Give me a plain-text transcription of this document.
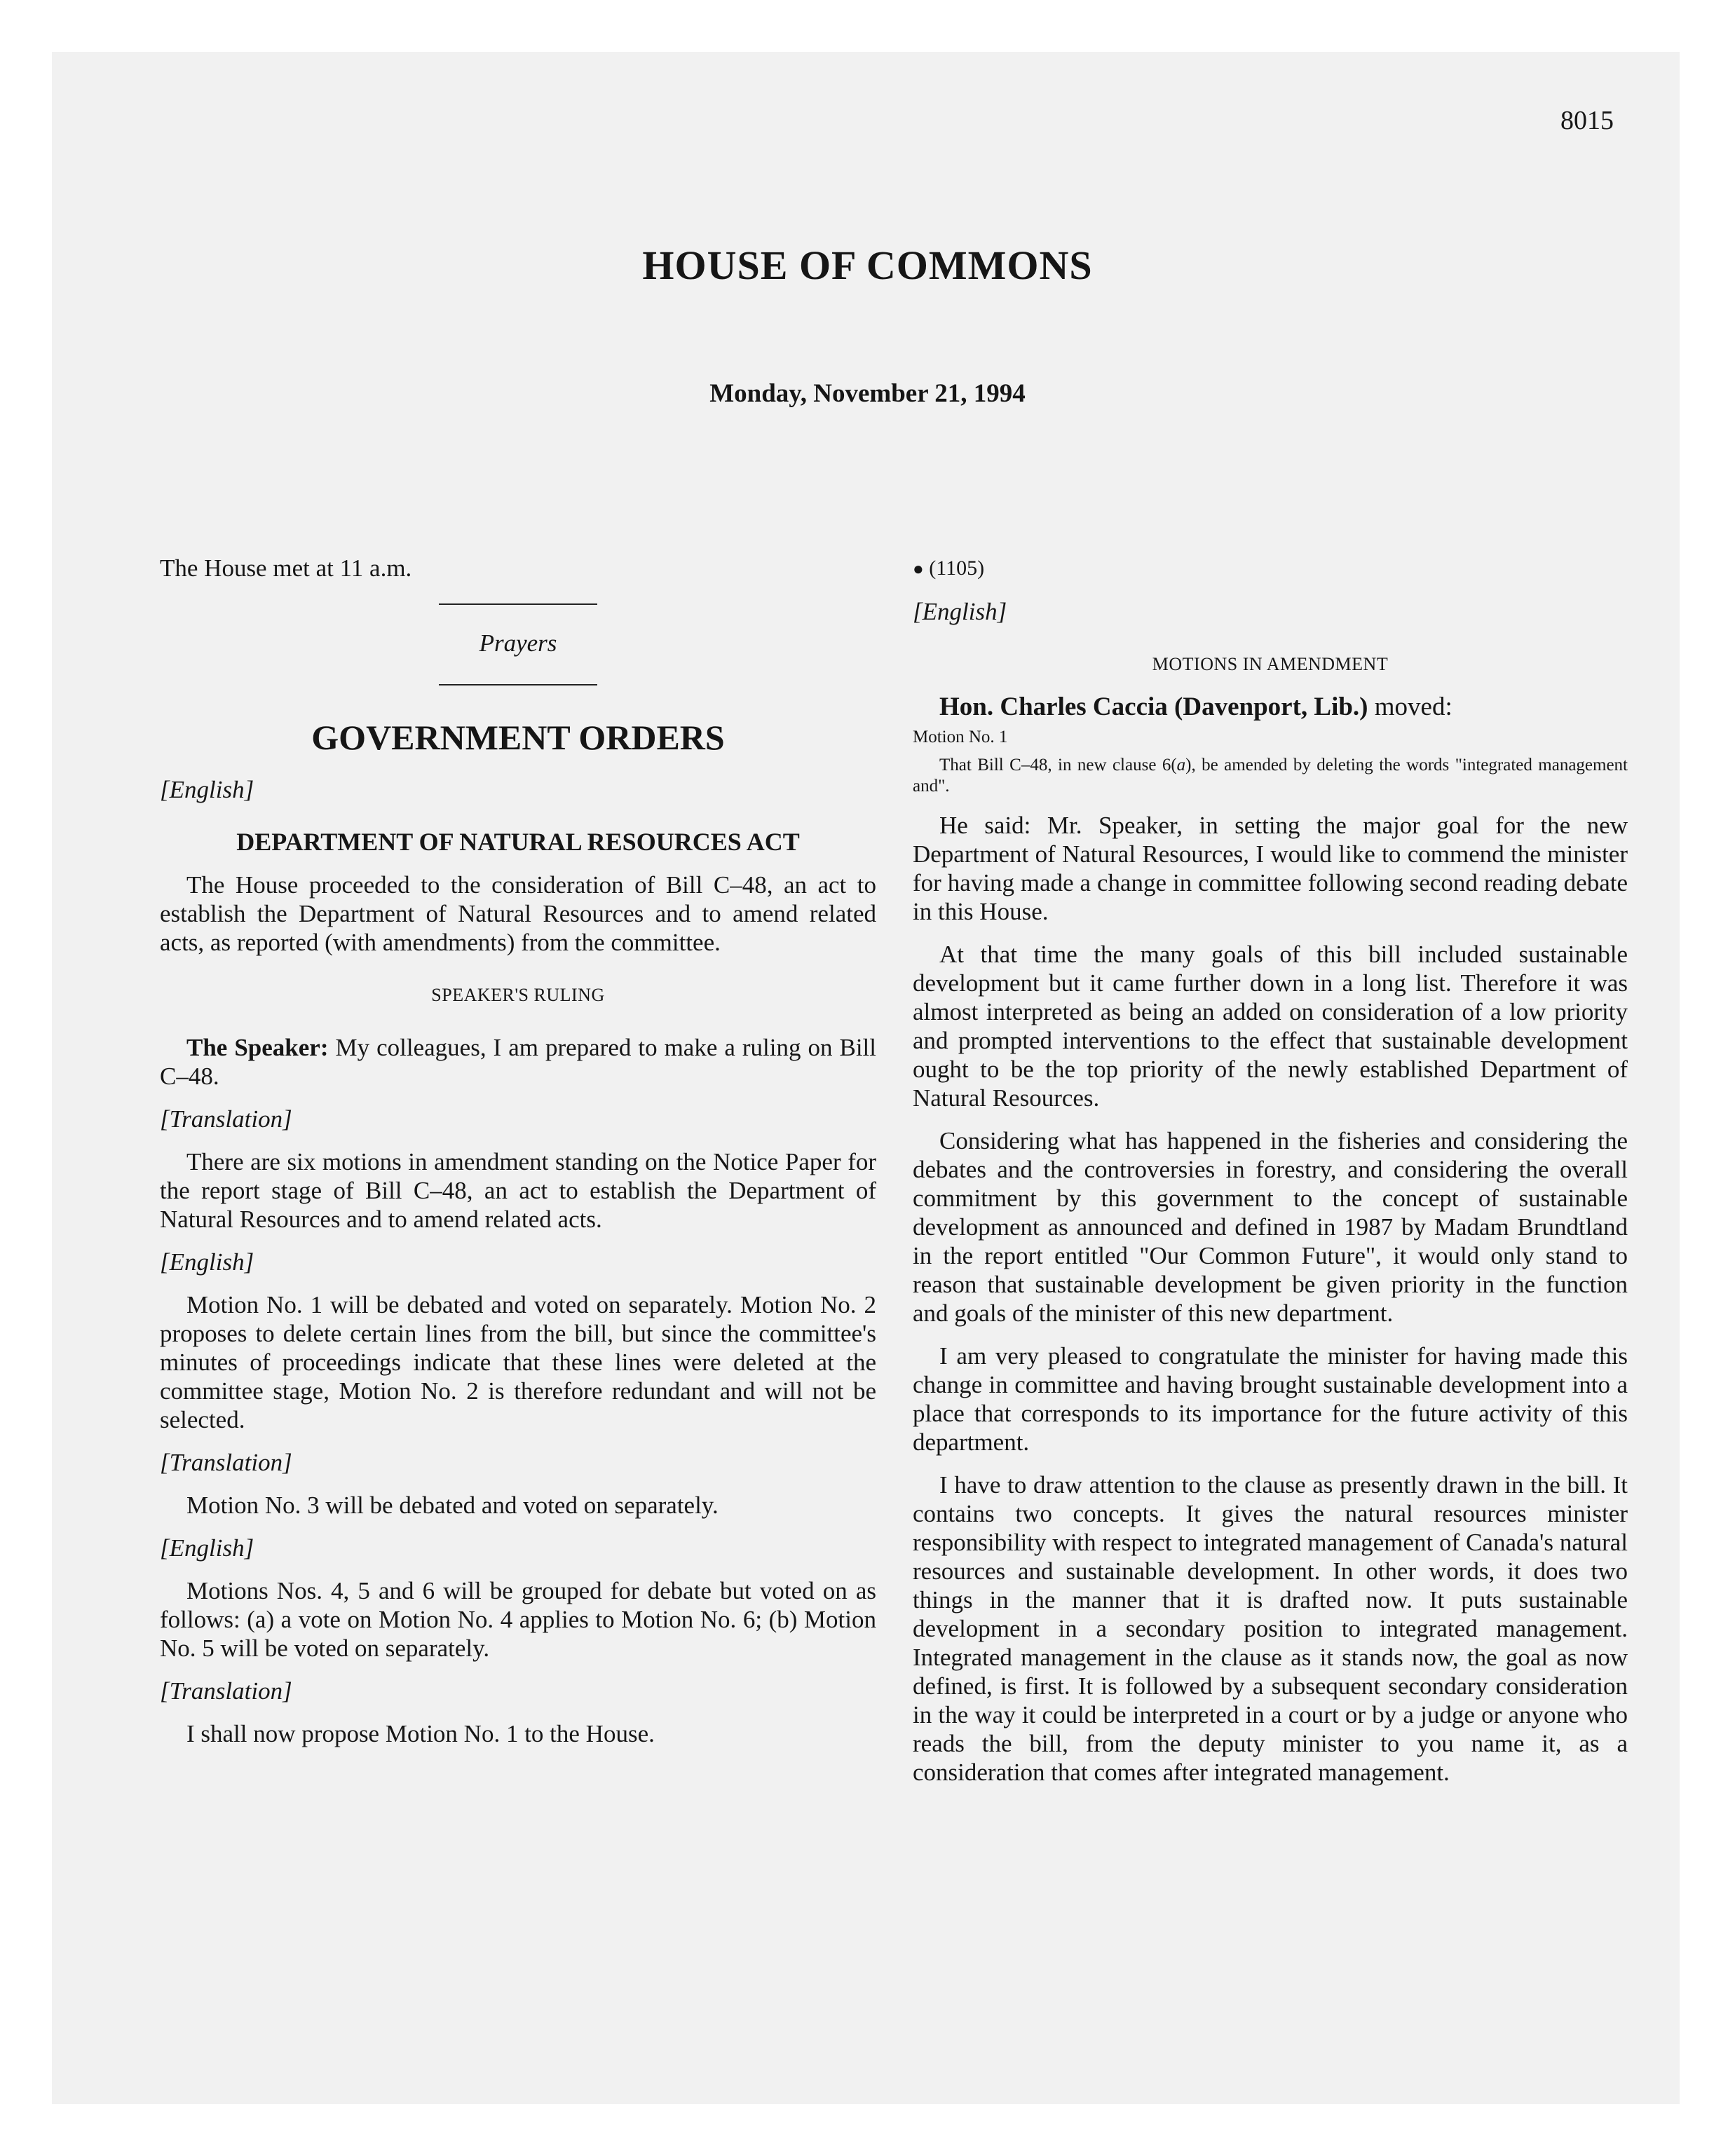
8015
HOUSE OF COMMONS
Monday, November 21, 1994

The House met at 11 a.m.

Prayers

GOVERNMENT ORDERS

[English]

DEPARTMENT OF NATURAL RESOURCES ACT

The House proceeded to the consideration of Bill C–48, an act to establish the Department of Natural Resources and to amend related acts, as reported (with amendments) from the committee.

SPEAKER'S RULING

The Speaker: My colleagues, I am prepared to make a ruling on Bill C–48.

[Translation]

There are six motions in amendment standing on the Notice Paper for the report stage of Bill C–48, an act to establish the Department of Natural Resources and to amend related acts.

[English]

Motion No. 1 will be debated and voted on separately. Motion No. 2 proposes to delete certain lines from the bill, but since the committee's minutes of proceedings indicate that these lines were deleted at the committee stage, Motion No. 2 is therefore redundant and will not be selected.

[Translation]

Motion No. 3 will be debated and voted on separately.

[English]

Motions Nos. 4, 5 and 6 will be grouped for debate but voted on as follows: (a) a vote on Motion No. 4 applies to Motion No. 6; (b) Motion No. 5 will be voted on separately.

[Translation]

I shall now propose Motion No. 1 to the House.

● (1105)

[English]

MOTIONS IN AMENDMENT

Hon. Charles Caccia (Davenport, Lib.) moved:

Motion No. 1

That Bill C–48, in new clause 6(a), be amended by deleting the words "integrated management and".

He said: Mr. Speaker, in setting the major goal for the new Department of Natural Resources, I would like to commend the minister for having made a change in committee following second reading debate in this House.

At that time the many goals of this bill included sustainable development but it came further down in a long list. Therefore it was almost interpreted as being an added on consideration of a low priority and prompted interventions to the effect that sustainable development ought to be the top priority of the newly established Department of Natural Resources.

Considering what has happened in the fisheries and considering the debates and the controversies in forestry, and considering the overall commitment by this government to the concept of sustainable development as announced and defined in 1987 by Madam Brundtland in the report entitled "Our Common Future", it would only stand to reason that sustainable development be given priority in the function and goals of the minister of this new department.

I am very pleased to congratulate the minister for having made this change in committee and having brought sustainable development into a place that corresponds to its importance for the future activity of this department.

I have to draw attention to the clause as presently drawn in the bill. It contains two concepts. It gives the natural resources minister responsibility with respect to integrated management of Canada's natural resources and sustainable development. In other words, it does two things in the manner that it is drafted now. It puts sustainable development in a secondary position to integrated management. Integrated management in the clause as it stands now, the goal as now defined, is first. It is followed by a subsequent secondary consideration in the way it could be interpreted in a court or by a judge or anyone who reads the bill, from the deputy minister to you name it, as a consideration that comes after integrated management.
